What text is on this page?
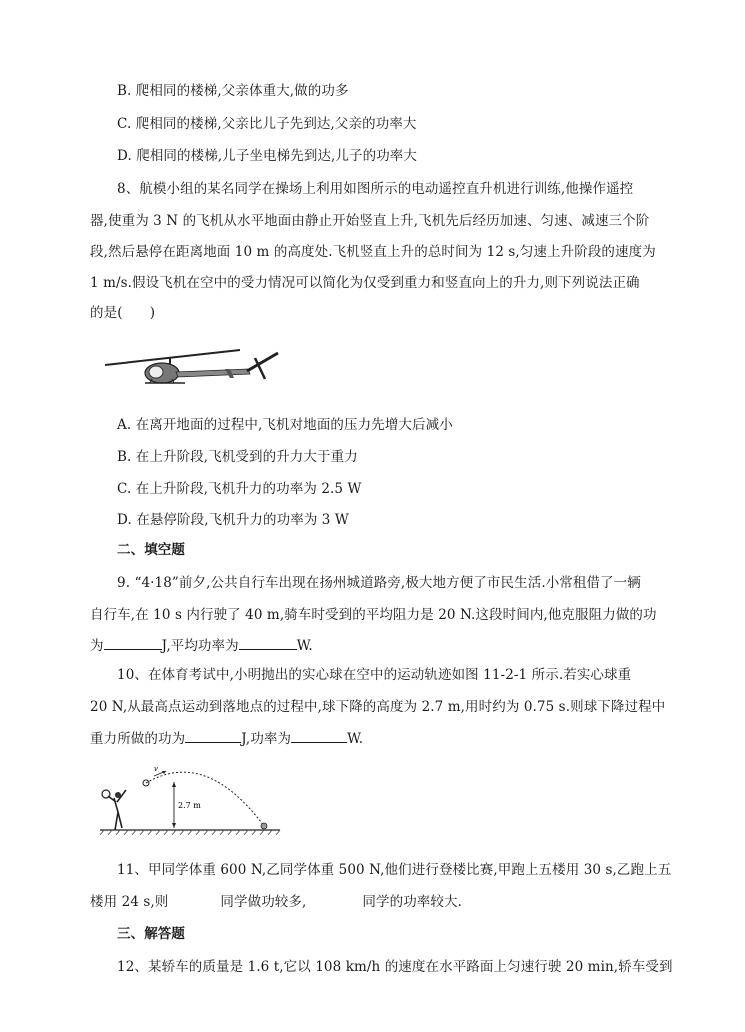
B. 爬相同的楼梯,父亲体重大,做的功多
C. 爬相同的楼梯,父亲比儿子先到达,父亲的功率大
D. 爬相同的楼梯,儿子坐电梯先到达,儿子的功率大
8、航模小组的某名同学在操场上利用如图所示的电动遥控直升机进行训练,他操作遥控
器,使重为 3 N 的飞机从水平地面由静止开始竖直上升,飞机先后经历加速、匀速、减速三个阶
段,然后悬停在距离地面 10 m 的高度处.飞机竖直上升的总时间为 12 s,匀速上升阶段的速度为
1 m/s.假设飞机在空中的受力情况可以简化为仅受到重力和竖直向上的升力,则下列说法正确
的是(　　)
A. 在离开地面的过程中,飞机对地面的压力先增大后减小
B. 在上升阶段,飞机受到的升力大于重力
C. 在上升阶段,飞机升力的功率为 2.5 W
D. 在悬停阶段,飞机升力的功率为 3 W
二、填空题
9. “4·18”前夕,公共自行车出现在扬州城道路旁,极大地方便了市民生活.小常租借了一辆
自行车,在 10 s 内行驶了 40 m,骑车时受到的平均阻力是 20 N.这段时间内,他克服阻力做的功
为	J,平均功率为	W.
10、在体育考试中,小明抛出的实心球在空中的运动轨迹如图 11-2-1 所示.若实心球重
20 N,从最高点运动到落地点的过程中,球下降的高度为 2.7 m,用时约为 0.75 s.则球下降过程中
重力所做的功为	J,功率为	W.
v
2.7 m
11、甲同学体重 600 N,乙同学体重 500 N,他们进行登楼比赛,甲跑上五楼用 30 s,乙跑上五
楼用 24 s,则	同学做功较多,	同学的功率较大.
三、解答题
12、某轿车的质量是 1.6 t,它以 108 km/h 的速度在水平路面上匀速行驶 20 min,轿车受到
